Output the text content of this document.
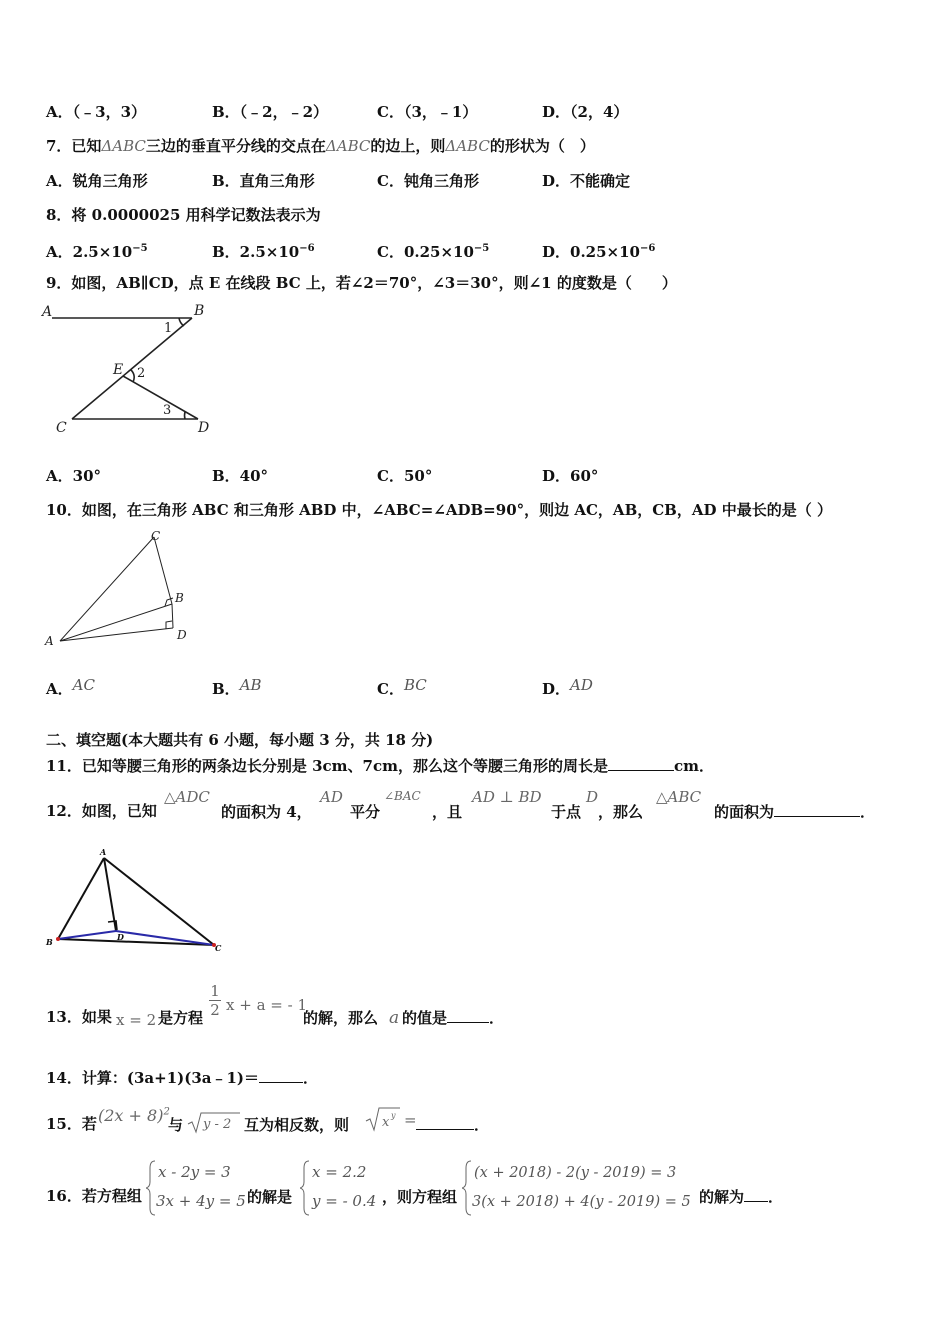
A．（﹣3，3）	B．（﹣2，﹣2）	C．（3，﹣1）	D．（2，4）
7．已知ΔABC三边的垂直平分线的交点在ΔABC的边上，则ΔABC的形状为（　）
A．锐角三角形	B．直角三角形	C．钝角三角形	D．不能确定
8．将 0.0000025 用科学记数法表示为
A．$2.5\times 10^{-5}$	B．$2.5\times 10^{-6}$	C．$0.25\times 10^{-5}$	D．$0.25\times 10^{-6}$
9．如图，AB∥CD，点 E 在线段 BC 上，若∠2＝70°，∠3＝30°，则∠1 的度数是（　　）
A	B
C	D
E
1
2
3
A．30°	B．40°	C．50°	D．60°
10．如图，在三角形 ABC 和三角形 ABD 中，∠ABC=∠ADB=90°，则边 AC，AB，CB，AD 中最长的是（ ）
A
B
C
D
A．AC	B．AB	C．BC	D．AD
二、填空题(本大题共有 6 小题，每小题 3 分，共 18 分)
11．已知等腰三角形的两条边长分别是 3cm、7cm，那么这个等腰三角形的周长是	cm．
12．如图，已知
△ADC
的面积为 4，
AD
平分
∠BAC
，且
AD ⊥ BD
于点
D
，那么
△ABC
的面积为	．
A
B
C
D
13．如果 x = 2 是方程
1
2 x + a = - 1
的解，那么 a 的值是	．
14．计算：(3a+1)(3a﹣1)＝	．
15．若 $(2x + 8)^2$
与 y - 2 互为相反数，则	x y =	．
16．若方程组
x - 2y = 3
3x + 4y = 5 的解是
x = 2.2
y = - 0.4 ，则方程组
(x + 2018) - 2(y - 2019) = 3
3(x + 2018) + 4(y - 2019) = 5 的解为 ．
